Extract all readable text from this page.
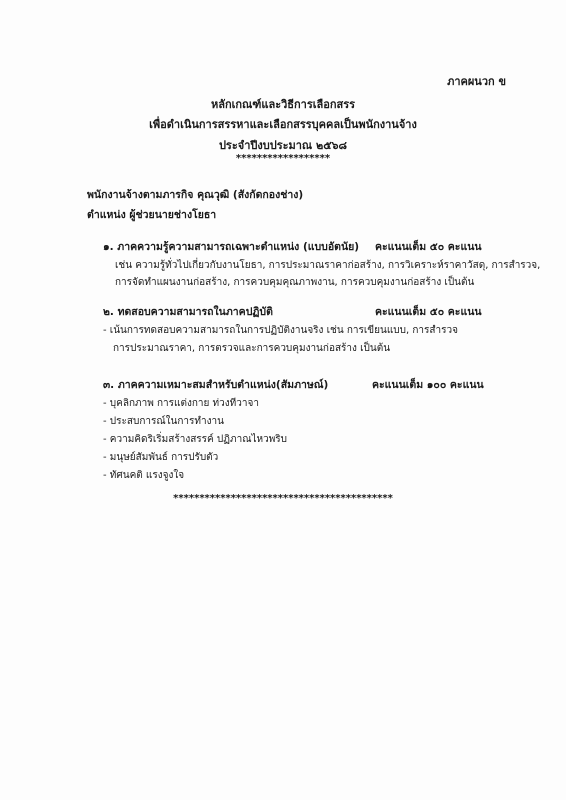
ภาคผนวก ข
หลักเกณฑ์และวิธีการเลือกสรร
เพื่อดำเนินการสรรหาและเลือกสรรบุคคลเป็นพนักงานจ้าง
ประจำปีงบประมาณ ๒๕๖๘
******************
พนักงานจ้างตามภารกิจ คุณวุฒิ (สังกัดกองช่าง)
ตำแหน่ง ผู้ช่วยนายช่างโยธา
๑. ภาคความรู้ความสามารถเฉพาะตำแหน่ง (แบบอัตนัย) คะแนนเต็ม ๕๐ คะแนน
เช่น ความรู้ทั่วไปเกี่ยวกับงานโยธา, การประมาณราคาก่อสร้าง, การวิเคราะห์ราคาวัสดุ, การสำรวจ,
การจัดทำแผนงานก่อสร้าง, การควบคุมคุณภาพงาน, การควบคุมงานก่อสร้าง เป็นต้น
๒. ทดสอบความสามารถในภาคปฏิบัติ	คะแนนเต็ม ๕๐ คะแนน
- เน้นการทดสอบความสามารถในการปฏิบัติงานจริง เช่น การเขียนแบบ, การสำรวจ
การประมาณราคา, การตรวจและการควบคุมงานก่อสร้าง เป็นต้น
๓. ภาคความเหมาะสมสำหรับตำแหน่ง(สัมภาษณ์)	คะแนนเต็ม ๑๐๐ คะแนน
- บุคลิกภาพ การแต่งกาย ท่วงทีวาจา
- ประสบการณ์ในการทำงาน
- ความคิดริเริ่มสร้างสรรค์ ปฏิภาณไหวพริบ
- มนุษย์สัมพันธ์ การปรับตัว
- ทัศนคติ แรงจูงใจ
******************************************
